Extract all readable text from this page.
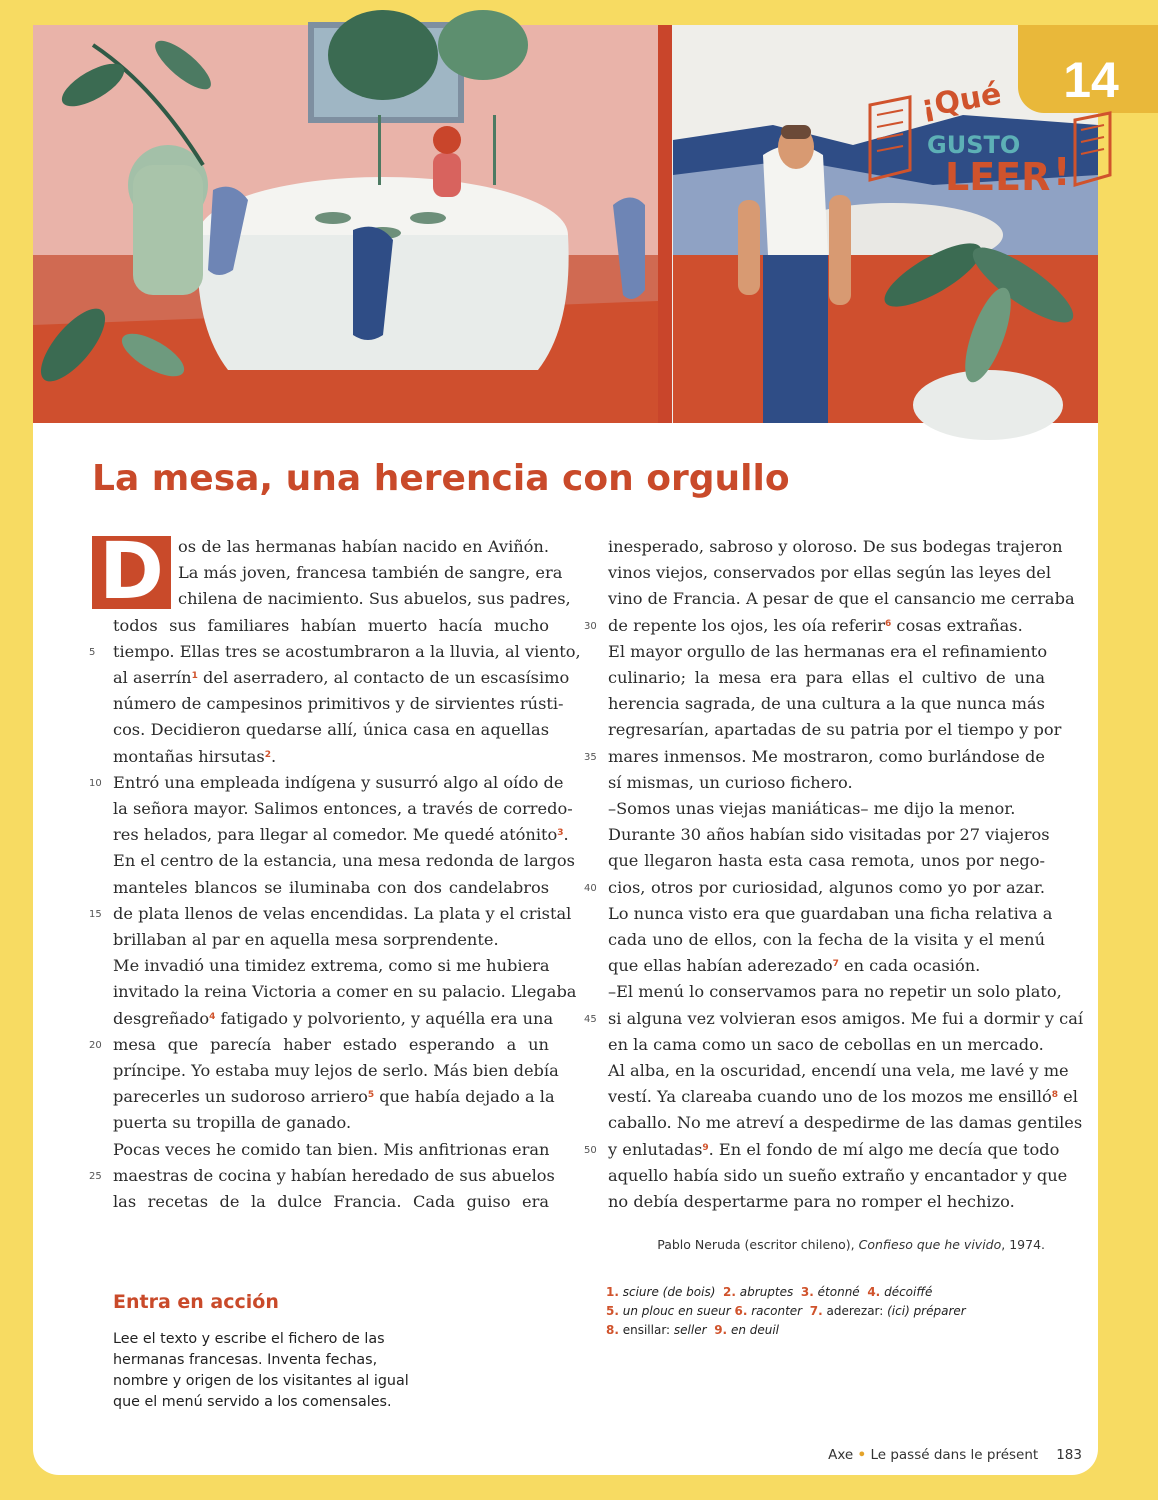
14
¡Qué
GUSTO
LEER !
La mesa, una herencia con orgullo
D os de las hermanas habían nacido en Aviñón.
La más joven, francesa también de sangre, era
chilena de nacimiento. Sus abuelos, sus padres,
todos sus familiares habían muerto hacía mucho
tiempo. Ellas tres se acostumbraron a la lluvia, al viento,
al aserrín$^1$ del aserradero, al contacto de un escasísimo
número de campesinos primitivos y de sirvientes rústi-
cos. Decidieron quedarse allí, única casa en aquellas
montañas hirsutas$^2$.
Entró una empleada indígena y susurró algo al oído de
la señora mayor. Salimos entonces, a través de corredo-
res helados, para llegar al comedor. Me quedé atónito$^3$
En el centro de la estancia, una mesa redonda de largos
manteles blancos se iluminaba con dos candelabros
de plata llenos de velas encendidas. La plata y el cristal
brillaban al par en aquella mesa sorprendente.
Me invadió una timidez extrema, como si me hubiera
invitado la reina Victoria a comer en su palacio. Llegaba
desgreñado$^4$ fatigado y polvoriento, y aquélla era una
mesa que parecía haber estado esperando a un
príncipe. Yo estaba muy lejos de serlo. Más bien debía
parecerles un sudoroso arriero$^5$ que había dejado a la
puerta su tropilla de ganado.
Pocas veces he comido tan bien. Mis anfitrionas eran
maestras de cocina y habían heredado de sus abuelos
las recetas de la dulce Francia. Cada guiso era
inesperado, sabroso y oloroso. De sus bodegas trajeron
vinos viejos, conservados por ellas según las leyes del
vino de Francia. A pesar de que el cansancio me cerraba
de repente los ojos, les oía referir$^6$ cosas extrañas.
El mayor orgullo de las hermanas era el refinamiento
culinario; la mesa era para ellas el cultivo de una
herencia sagrada, de una cultura a la que nunca más
regresarían, apartadas de su patria por el tiempo y por
mares inmensos. Me mostraron, como burlándose de
sí mismas, un curioso fichero.
–Somos unas viejas maniáticas– me dijo la menor.
Durante 30 años habían sido visitadas por 27 viajeros
que llegaron hasta esta casa remota, unos por nego-
cios, otros por curiosidad, algunos como yo por azar.
Lo nunca visto era que guardaban una ficha relativa a
cada uno de ellos, con la fecha de la visita y el menú
que ellas habían aderezado$^7$ en cada ocasión.
–El menú lo conservamos para no repetir un solo plato,
si alguna vez volvieran esos amigos. Me fui a dormir y caí
en la cama como un saco de cebollas en un mercado.
Al alba, en la oscuridad, encendí una vela, me lavé y me
vestí. Ya clareaba cuando uno de los mozos me ensilló$^8$
caballo. No me atreví a despedirme de las damas gentiles
y enlutadas$^9$. En el fondo de mí algo me decía que todo
aquello había sido un sueño extraño y encantador y que
no debía despertarme para no romper el hechizo.
5
10
15
20
25
30
35
40
45
50
Pablo Neruda (escritor chileno), Confieso que he vivido, 1974.
1. sciure (de bois) 2. abruptes 3. étonné 4. décoiffé
5. un plouc en sueur 6. raconter 7. aderezar: (ici) préparer
8. ensillar: seller 9. en deuil
Entra en acción
Lee el texto y escribe el fichero de las hermanas francesas. Inventa fechas, nombre y origen de los visitantes al igual que el menú servido a los comensales.
Axe • Le passé dans le présent 183
